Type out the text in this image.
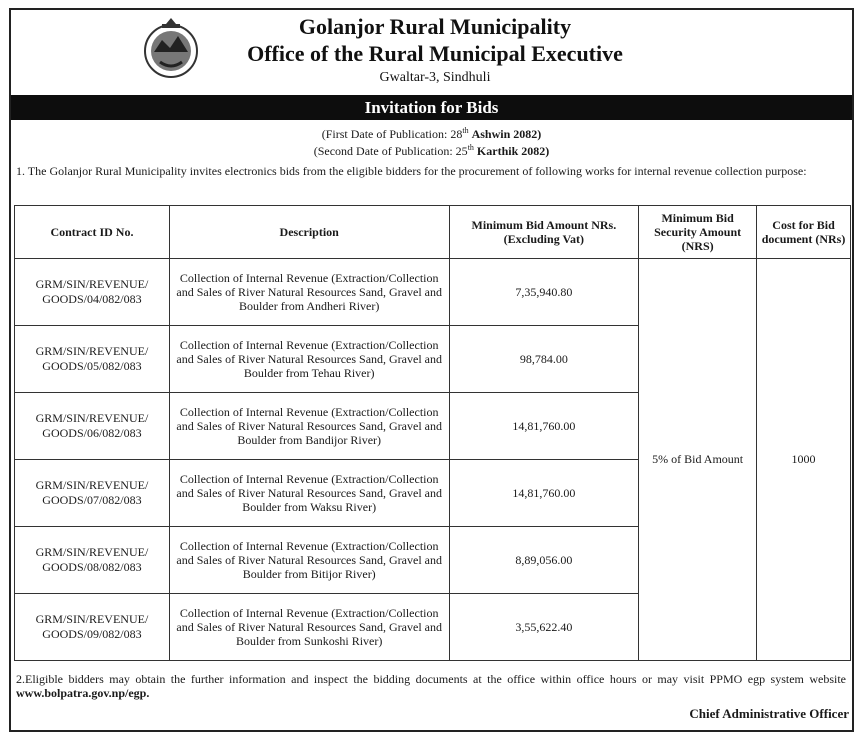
Golanjor Rural Municipality
Office of the Rural Municipal Executive
Gwaltar-3, Sindhuli
Invitation for Bids
(First Date of Publication: 28th Ashwin 2082)
(Second Date of Publication: 25th Karthik 2082)
1. The Golanjor Rural Municipality invites electronics bids from the eligible bidders for the procurement of following works for internal revenue collection purpose:
Contract ID No.	Description	Minimum Bid Amount NRs. (Excluding Vat)	Minimum Bid Security Amount (NRS)	Cost for Bid document (NRs)
GRM/SIN/REVENUE/ GOODS/04/082/083	Collection of Internal Revenue (Extraction/Collection and Sales of River Natural Resources Sand, Gravel and Boulder from Andheri River)	7,35,940.80	5% of Bid Amount	1000
GRM/SIN/REVENUE/ GOODS/05/082/083	Collection of Internal Revenue (Extraction/Collection and Sales of River Natural Resources Sand, Gravel and Boulder from Tehau River)	98,784.00		
GRM/SIN/REVENUE/ GOODS/06/082/083	Collection of Internal Revenue (Extraction/Collection and Sales of River Natural Resources Sand, Gravel and Boulder from Bandijor River)	14,81,760.00		
GRM/SIN/REVENUE/ GOODS/07/082/083	Collection of Internal Revenue (Extraction/Collection and Sales of River Natural Resources Sand, Gravel and Boulder from Waksu River)	14,81,760.00		
GRM/SIN/REVENUE/ GOODS/08/082/083	Collection of Internal Revenue (Extraction/Collection and Sales of River Natural Resources Sand, Gravel and Boulder from Bitijor River)	8,89,056.00		
GRM/SIN/REVENUE/ GOODS/09/082/083	Collection of Internal Revenue (Extraction/Collection and Sales of River Natural Resources Sand, Gravel and Boulder from Sunkoshi River)	3,55,622.40		
2.Eligible bidders may obtain the further information and inspect the bidding documents at the office within office hours or may visit PPMO egp system website www.bolpatra.gov.np/egp.
Chief Administrative Officer
